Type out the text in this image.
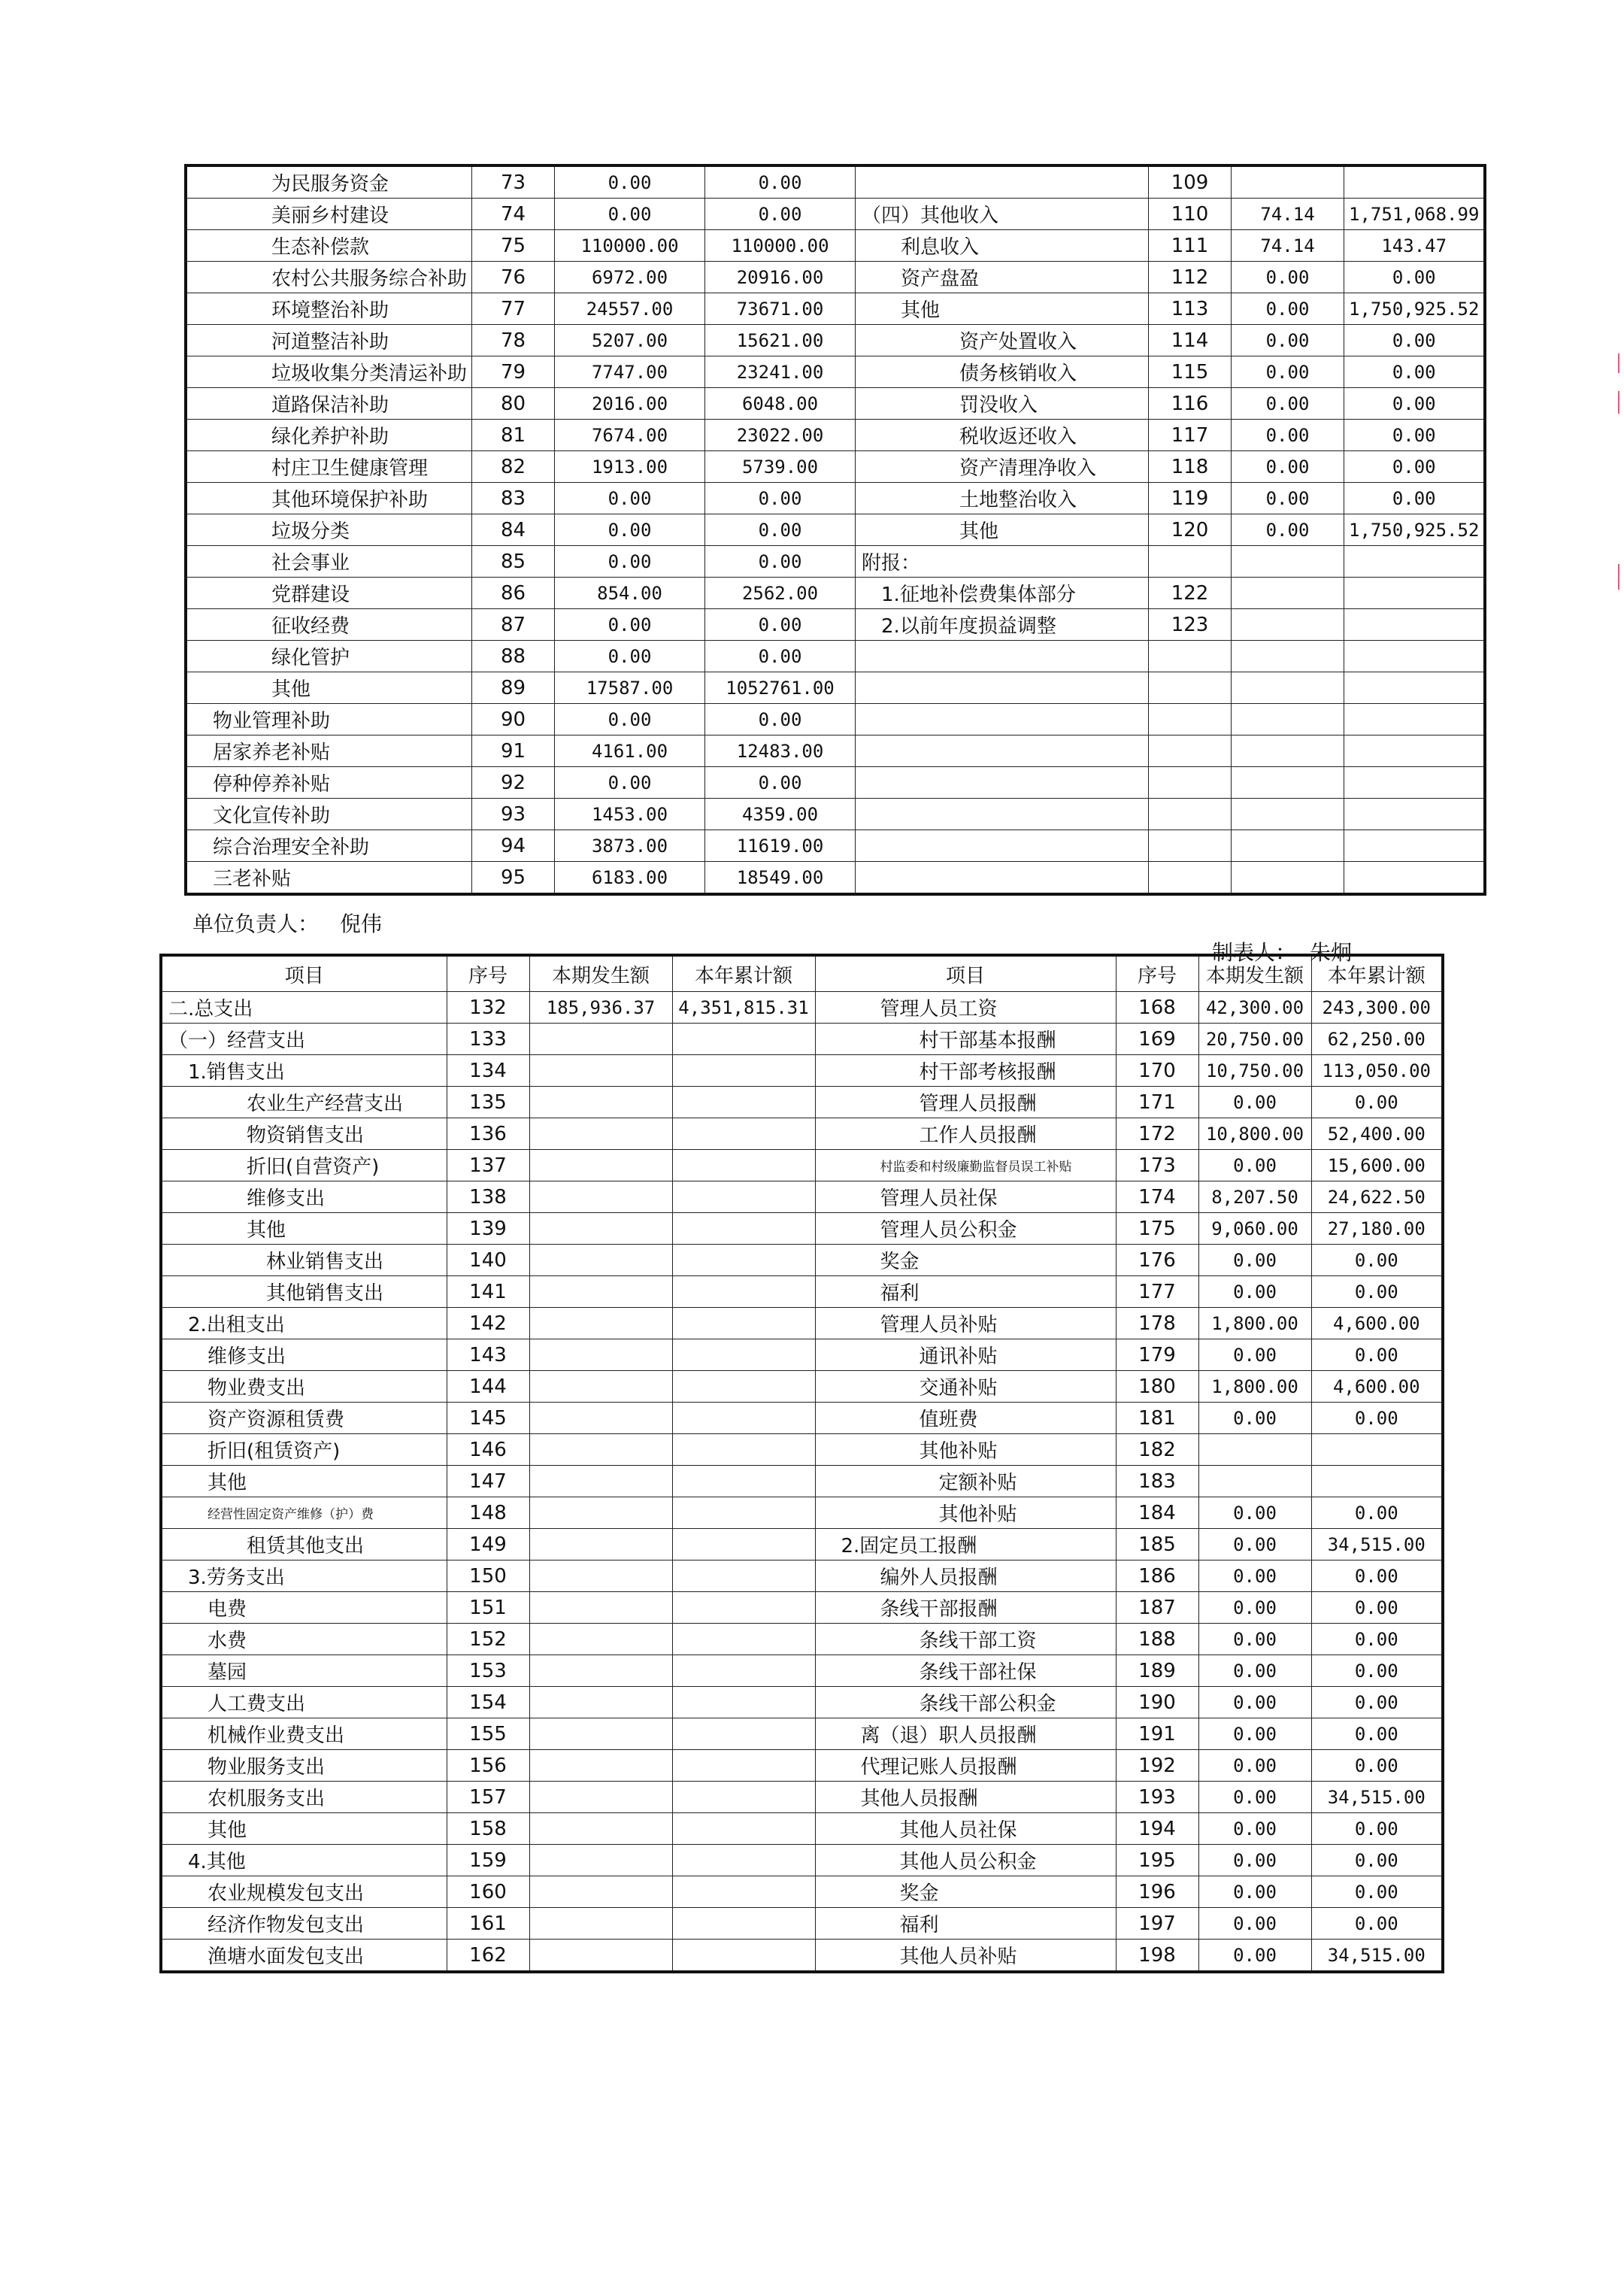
为民服务资金	73	0.00	0.00		109		
美丽乡村建设	74	0.00	0.00	（四）其他收入	110	74.14	1,751,068.99
生态补偿款	75	110000.00	110000.00	利息收入	111	74.14	143.47
农村公共服务综合补助	76	6972.00	20916.00	资产盘盈	112	0.00	0.00
环境整治补助	77	24557.00	73671.00	其他	113	0.00	1,750,925.52
河道整洁补助	78	5207.00	15621.00	资产处置收入	114	0.00	0.00
垃圾收集分类清运补助	79	7747.00	23241.00	债务核销收入	115	0.00	0.00
道路保洁补助	80	2016.00	6048.00	罚没收入	116	0.00	0.00
绿化养护补助	81	7674.00	23022.00	税收返还收入	117	0.00	0.00
村庄卫生健康管理	82	1913.00	5739.00	资产清理净收入	118	0.00	0.00
其他环境保护补助	83	0.00	0.00	土地整治收入	119	0.00	0.00
垃圾分类	84	0.00	0.00	其他	120	0.00	1,750,925.52
社会事业	85	0.00	0.00	附报：			
党群建设	86	854.00	2562.00	1.征地补偿费集体部分	122		
征收经费	87	0.00	0.00	2.以前年度损益调整	123		
绿化管护	88	0.00	0.00				
其他	89	17587.00	1052761.00				
物业管理补助	90	0.00	0.00				
居家养老补贴	91	4161.00	12483.00				
停种停养补贴	92	0.00	0.00				
文化宣传补助	93	1453.00	4359.00				
综合治理安全补助	94	3873.00	11619.00				
三老补贴	95	6183.00	18549.00				
单位负责人： 倪伟
制表人： 朱炯
项目	序号	本期发生额	本年累计额	项目	序号	本期发生额	本年累计额
二.总支出	132	185,936.37	4,351,815.31	管理人员工资	168	42,300.00	243,300.00
（一）经营支出	133			村干部基本报酬	169	20,750.00	62,250.00
1.销售支出	134			村干部考核报酬	170	10,750.00	113,050.00
农业生产经营支出	135			管理人员报酬	171	0.00	0.00
物资销售支出	136			工作人员报酬	172	10,800.00	52,400.00
折旧(自营资产)	137			村监委和村级廉勤监督员误工补贴	173	0.00	15,600.00
维修支出	138			管理人员社保	174	8,207.50	24,622.50
其他	139			管理人员公积金	175	9,060.00	27,180.00
林业销售支出	140			奖金	176	0.00	0.00
其他销售支出	141			福利	177	0.00	0.00
2.出租支出	142			管理人员补贴	178	1,800.00	4,600.00
维修支出	143			通讯补贴	179	0.00	0.00
物业费支出	144			交通补贴	180	1,800.00	4,600.00
资产资源租赁费	145			值班费	181	0.00	0.00
折旧(租赁资产)	146			其他补贴	182		
其他	147			定额补贴	183		
经营性固定资产维修（护）费	148			其他补贴	184	0.00	0.00
租赁其他支出	149			2.固定员工报酬	185	0.00	34,515.00
3.劳务支出	150			编外人员报酬	186	0.00	0.00
电费	151			条线干部报酬	187	0.00	0.00
水费	152			条线干部工资	188	0.00	0.00
墓园	153			条线干部社保	189	0.00	0.00
人工费支出	154			条线干部公积金	190	0.00	0.00
机械作业费支出	155			离（退）职人员报酬	191	0.00	0.00
物业服务支出	156			代理记账人员报酬	192	0.00	0.00
农机服务支出	157			其他人员报酬	193	0.00	34,515.00
其他	158			其他人员社保	194	0.00	0.00
4.其他	159			其他人员公积金	195	0.00	0.00
农业规模发包支出	160			奖金	196	0.00	0.00
经济作物发包支出	161			福利	197	0.00	0.00
渔塘水面发包支出	162			其他人员补贴	198	0.00	34,515.00
